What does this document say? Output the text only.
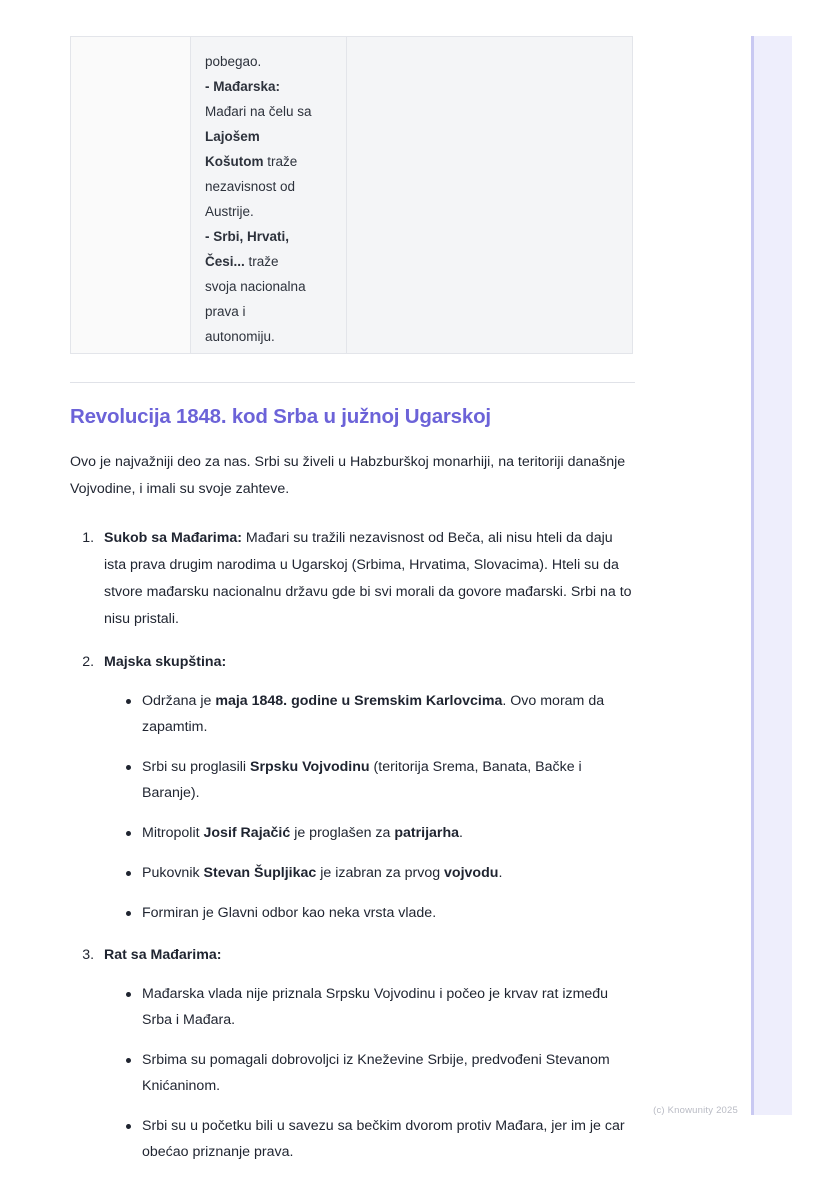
pobegao.

- Mađarska:

Mađari na čelu sa

Lajošem

Košutom traže

nezavisnost od

Austrije.

- Srbi, Hrvati,

Česi... traže

svoja nacionalna

prava i

autonomiju.

Revolucija 1848. kod Srba u južnoj Ugarskoj

Ovo je najvažniji deo za nas. Srbi su živeli u Habzburškoj monarhiji, na teritoriji današnje Vojvodine, i imali su svoje zahteve.

1. Sukob sa Mađarima: Mađari su tražili nezavisnost od Beča, ali nisu hteli da daju ista prava drugim narodima u Ugarskoj (Srbima, Hrvatima, Slovacima). Hteli su da stvore mađarsku nacionalnu državu gde bi svi morali da govore mađarski. Srbi na to nisu pristali.
2. Majska skupština:
Održana je maja 1848. godine u Sremskim Karlovcima. Ovo moram da zapamtim.
Srbi su proglasili Srpsku Vojvodinu (teritorija Srema, Banata, Bačke i Baranje).
Mitropolit Josif Rajačić je proglašen za patrijarha.
Pukovnik Stevan Šupljikac je izabran za prvog vojvodu.
Formiran je Glavni odbor kao neka vrsta vlade.
3. Rat sa Mađarima:
Mađarska vlada nije priznala Srpsku Vojvodinu i počeo je krvav rat između Srba i Mađara.
Srbima su pomagali dobrovoljci iz Kneževine Srbije, predvođeni Stevanom Knićaninom.
Srbi su u početku bili u savezu sa bečkim dvorom protiv Mađara, jer im je car obećao priznanje prava.
(c) Knowunity 2025
